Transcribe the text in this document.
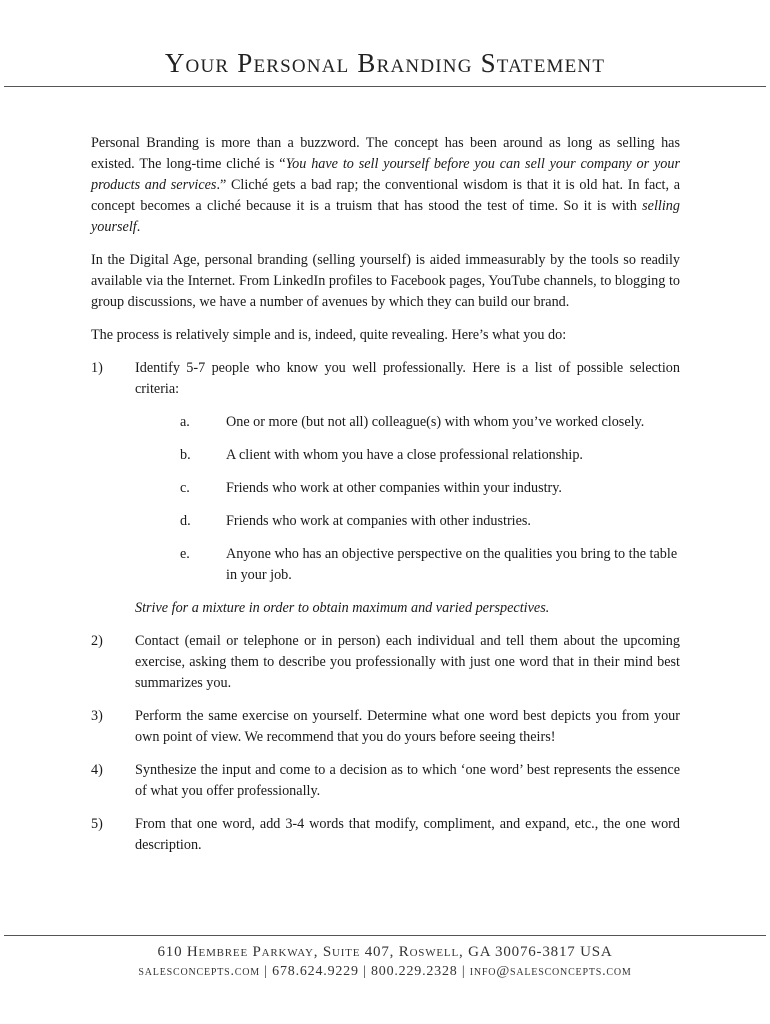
Your Personal Branding Statement

Personal Branding is more than a buzzword. The concept has been around as long as selling has existed. The long-time cliché is “You have to sell yourself before you can sell your company or your products and services.” Cliché gets a bad rap; the conventional wisdom is that it is old hat. In fact, a concept becomes a cliché because it is a truism that has stood the test of time. So it is with selling yourself.

In the Digital Age, personal branding (selling yourself) is aided immeasurably by the tools so readily available via the Internet. From LinkedIn profiles to Facebook pages, YouTube channels, to blogging to group discussions, we have a number of avenues by which they can build our brand.

The process is relatively simple and is, indeed, quite revealing. Here’s what you do:

1)	Identify 5-7 people who know you well professionally. Here is a list of possible selection criteria:
a.	One or more (but not all) colleague(s) with whom you’ve worked closely.
b.	A client with whom you have a close professional relationship.
c.	Friends who work at other companies within your industry.
d.	Friends who work at companies with other industries.
e.	Anyone who has an objective perspective on the qualities you bring to the table in your job.
Strive for a mixture in order to obtain maximum and varied perspectives.
2)	Contact (email or telephone or in person) each individual and tell them about the upcoming exercise, asking them to describe you professionally with just one word that in their mind best summarizes you.
3)	Perform the same exercise on yourself. Determine what one word best depicts you from your own point of view. We recommend that you do yours before seeing theirs!
4)	Synthesize the input and come to a decision as to which ‘one word’ best represents the essence of what you offer professionally.
5)	From that one word, add 3-4 words that modify, compliment, and expand, etc., the one word description.
610 Hembree Parkway, Suite 407, Roswell, GA 30076-3817 USA
salesconcepts.com | 678.624.9229 | 800.229.2328 | info@salesconcepts.com
